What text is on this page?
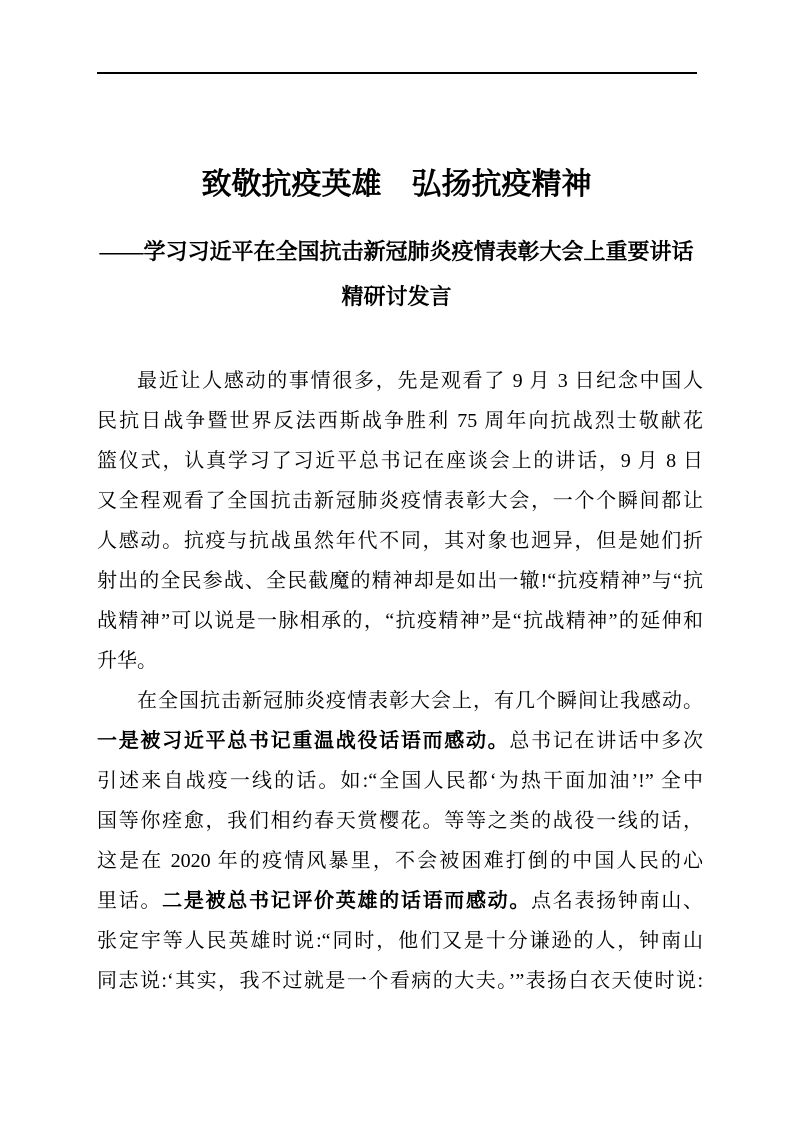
致敬抗疫英雄　弘扬抗疫精神
——学习习近平在全国抗击新冠肺炎疫情表彰大会上重要讲话
精研讨发言
最近让人感动的事情很多，先是观看了 9 月 3 日纪念中国人
民抗日战争暨世界反法西斯战争胜利 75 周年向抗战烈士敬献花
篮仪式，认真学习了习近平总书记在座谈会上的讲话，9 月 8 日
又全程观看了全国抗击新冠肺炎疫情表彰大会，一个个瞬间都让
人感动。抗疫与抗战虽然年代不同，其对象也迥异，但是她们折
射出的全民参战、全民截魔的精神却是如出一辙!“抗疫精神”与“抗
战精神”可以说是一脉相承的，“抗疫精神”是“抗战精神”的延伸和
升华。
在全国抗击新冠肺炎疫情表彰大会上，有几个瞬间让我感动。
一是被习近平总书记重温战役话语而感动。总书记在讲话中多次
引述来自战疫一线的话。如:“全国人民都‘为热干面加油’!” 全中
国等你痊愈，我们相约春天赏樱花。等等之类的战役一线的话，
这是在 2020 年的疫情风暴里，不会被困难打倒的中国人民的心
里话。二是被总书记评价英雄的话语而感动。点名表扬钟南山、
张定宇等人民英雄时说:“同时，他们又是十分谦逊的人，钟南山
同志说:‘其实，我不过就是一个看病的大夫。’”表扬白衣天使时说:
